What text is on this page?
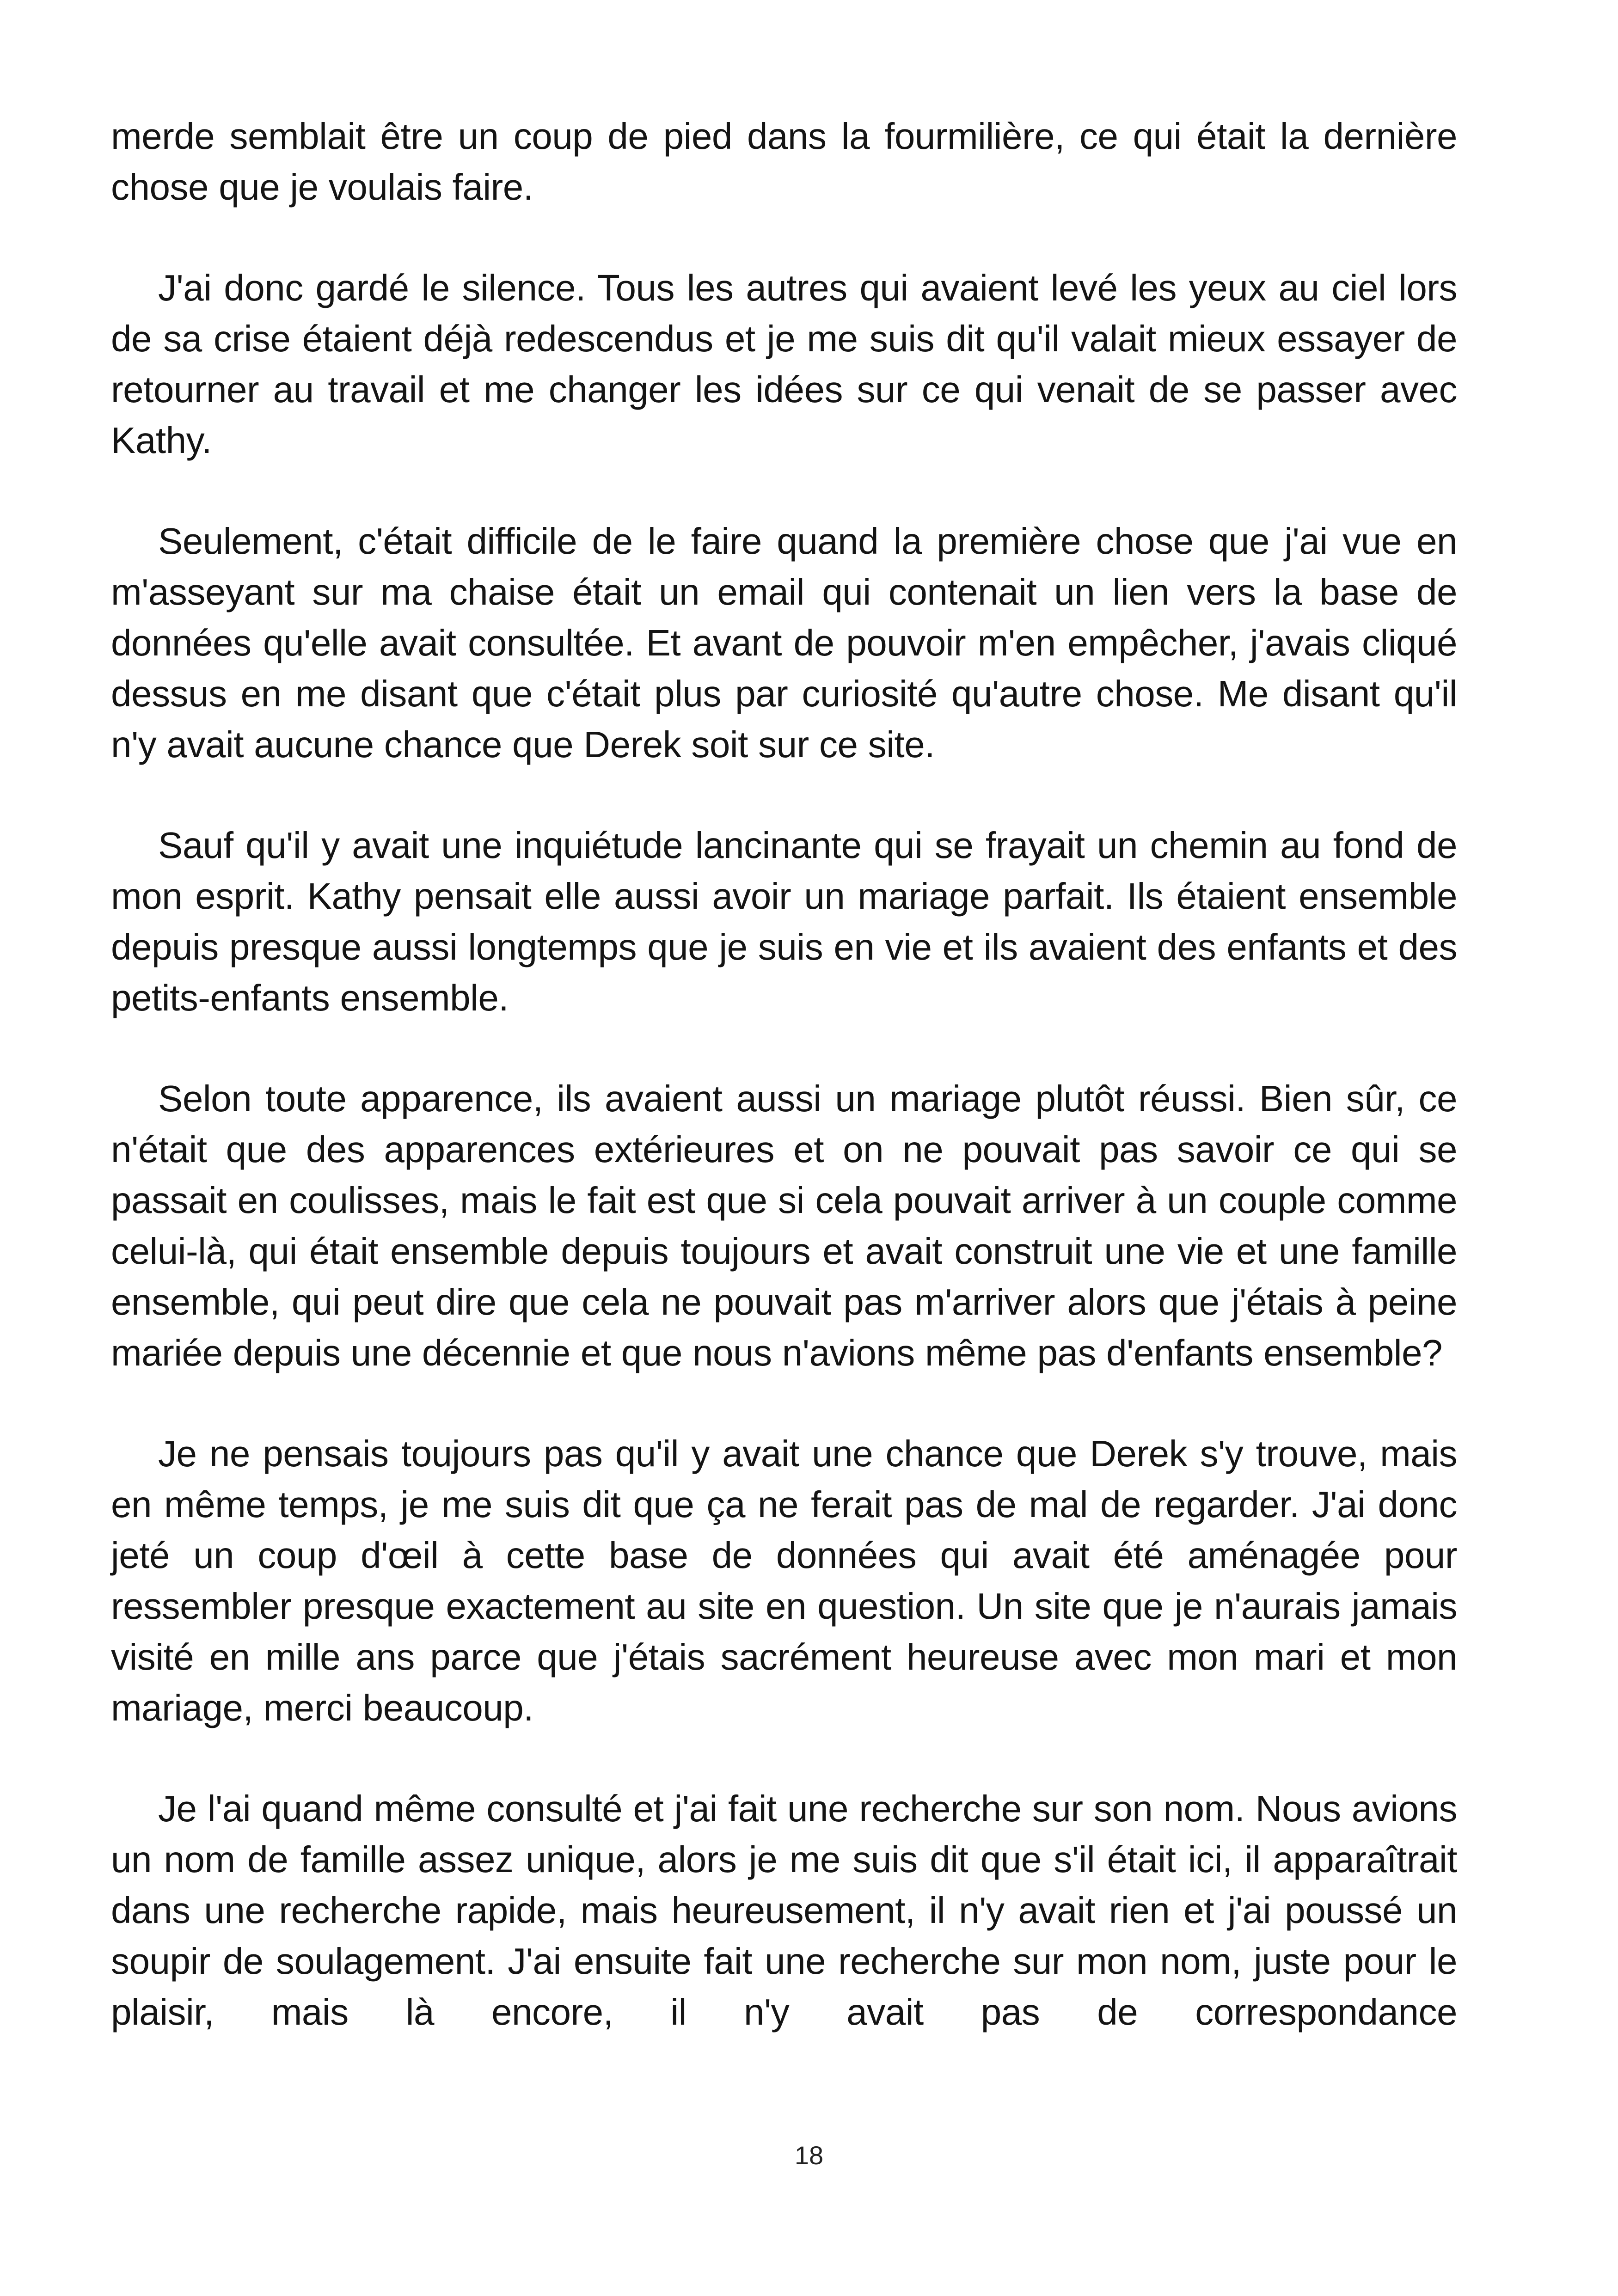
merde semblait être un coup de pied dans la fourmilière, ce qui était la dernière chose que je voulais faire.

J'ai donc gardé le silence. Tous les autres qui avaient levé les yeux au ciel lors de sa crise étaient déjà redescendus et je me suis dit qu'il valait mieux essayer de retourner au travail et me changer les idées sur ce qui venait de se passer avec Kathy.

Seulement, c'était difficile de le faire quand la première chose que j'ai vue en m'asseyant sur ma chaise était un email qui contenait un lien vers la base de données qu'elle avait consultée. Et avant de pouvoir m'en empêcher, j'avais cliqué dessus en me disant que c'était plus par curiosité qu'autre chose. Me disant qu'il n'y avait aucune chance que Derek soit sur ce site.

Sauf qu'il y avait une inquiétude lancinante qui se frayait un chemin au fond de mon esprit. Kathy pensait elle aussi avoir un mariage parfait. Ils étaient ensemble depuis presque aussi longtemps que je suis en vie et ils avaient des enfants et des petits-enfants ensemble.

Selon toute apparence, ils avaient aussi un mariage plutôt réussi. Bien sûr, ce n'était que des apparences extérieures et on ne pouvait pas savoir ce qui se passait en coulisses, mais le fait est que si cela pouvait arriver à un couple comme celui-là, qui était ensemble depuis toujours et avait construit une vie et une famille ensemble, qui peut dire que cela ne pouvait pas m'arriver alors que j'étais à peine mariée depuis une décennie et que nous n'avions même pas d'enfants ensemble?

Je ne pensais toujours pas qu'il y avait une chance que Derek s'y trouve, mais en même temps, je me suis dit que ça ne ferait pas de mal de regarder. J'ai donc jeté un coup d'œil à cette base de données qui avait été aménagée pour ressembler presque exactement au site en question. Un site que je n'aurais jamais visité en mille ans parce que j'étais sacrément heureuse avec mon mari et mon mariage, merci beaucoup.

Je l'ai quand même consulté et j'ai fait une recherche sur son nom. Nous avions un nom de famille assez unique, alors je me suis dit que s'il était ici, il apparaîtrait dans une recherche rapide, mais heureusement, il n'y avait rien et j'ai poussé un soupir de soulagement. J'ai ensuite fait une recherche sur mon nom, juste pour le plaisir, mais là encore, il n'y avait pas de correspondance

18
